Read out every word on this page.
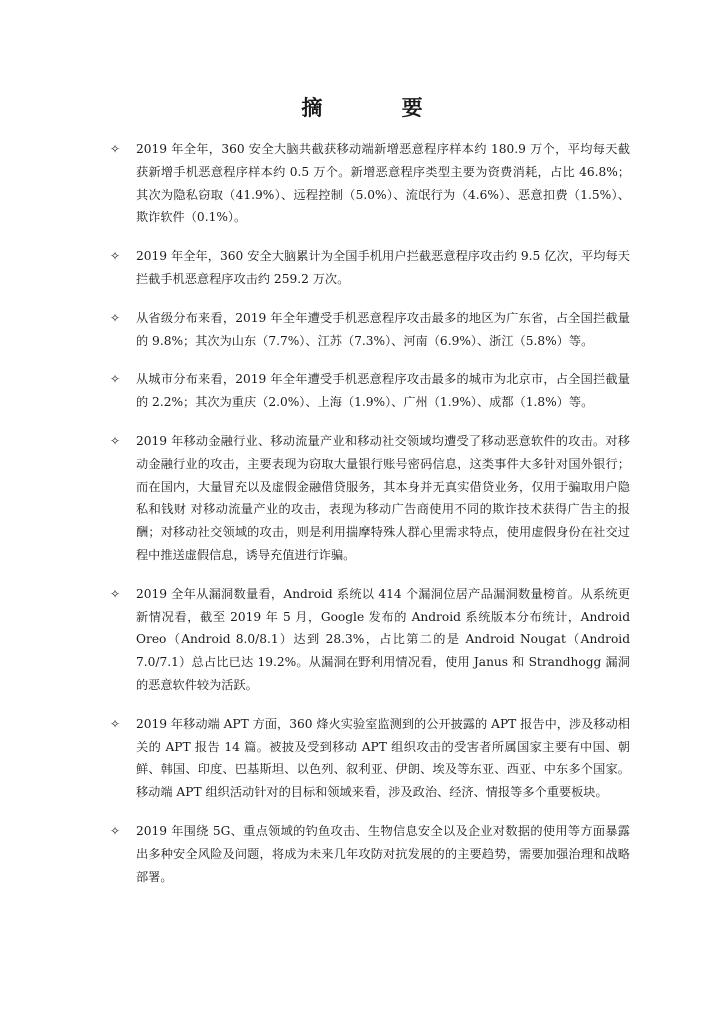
摘 要
✧ 2019 年全年，360 安全大脑共截获移动端新增恶意程序样本约 180.9 万个，平均每天截获新增手机恶意程序样本约 0.5 万个。新增恶意程序类型主要为资费消耗，占比 46.8%；其次为隐私窃取（41.9%）、远程控制（5.0%）、流氓行为（4.6%）、恶意扣费（1.5%）、欺诈软件（0.1%）。
✧ 2019 年全年，360 安全大脑累计为全国手机用户拦截恶意程序攻击约 9.5 亿次，平均每天拦截手机恶意程序攻击约 259.2 万次。
✧ 从省级分布来看，2019 年全年遭受手机恶意程序攻击最多的地区为广东省，占全国拦截量的 9.8%；其次为山东（7.7%）、江苏（7.3%）、河南（6.9%）、浙江（5.8%）等。
✧ 从城市分布来看，2019 年全年遭受手机恶意程序攻击最多的城市为北京市，占全国拦截量的 2.2%；其次为重庆（2.0%）、上海（1.9%）、广州（1.9%）、成都（1.8%）等。
✧ 2019 年移动金融行业、移动流量产业和移动社交领域均遭受了移动恶意软件的攻击。对移动金融行业的攻击，主要表现为窃取大量银行账号密码信息，这类事件大多针对国外银行；而在国内，大量冒充以及虚假金融借贷服务，其本身并无真实借贷业务，仅用于骗取用户隐私和钱财 对移动流量产业的攻击，表现为移动广告商使用不同的欺诈技术获得广告主的报酬；对移动社交领域的攻击，则是利用揣摩特殊人群心里需求特点，使用虚假身份在社交过程中推送虚假信息，诱导充值进行诈骗。
✧ 2019 全年从漏洞数量看，Android 系统以 414 个漏洞位居产品漏洞数量榜首。从系统更新情况看，截至 2019 年 5 月，Google 发布的 Android 系统版本分布统计，Android Oreo（Android 8.0/8.1）达到 28.3%，占比第二的是 Android Nougat（Android 7.0/7.1）总占比已达 19.2%。从漏洞在野利用情况看，使用 Janus 和 Strandhogg 漏洞的恶意软件较为活跃。
✧ 2019 年移动端 APT 方面，360 烽火实验室监测到的公开披露的 APT 报告中，涉及移动相关的 APT 报告 14 篇。被披及受到移动 APT 组织攻击的受害者所属国家主要有中国、朝鲜、韩国、印度、巴基斯坦、以色列、叙利亚、伊朗、埃及等东亚、西亚、中东多个国家。移动端 APT 组织活动针对的目标和领域来看，涉及政治、经济、情报等多个重要板块。
✧ 2019 年围绕 5G、重点领域的钓鱼攻击、生物信息安全以及企业对数据的使用等方面暴露出多种安全风险及问题，将成为未来几年攻防对抗发展的的主要趋势，需要加强治理和战略部署。
